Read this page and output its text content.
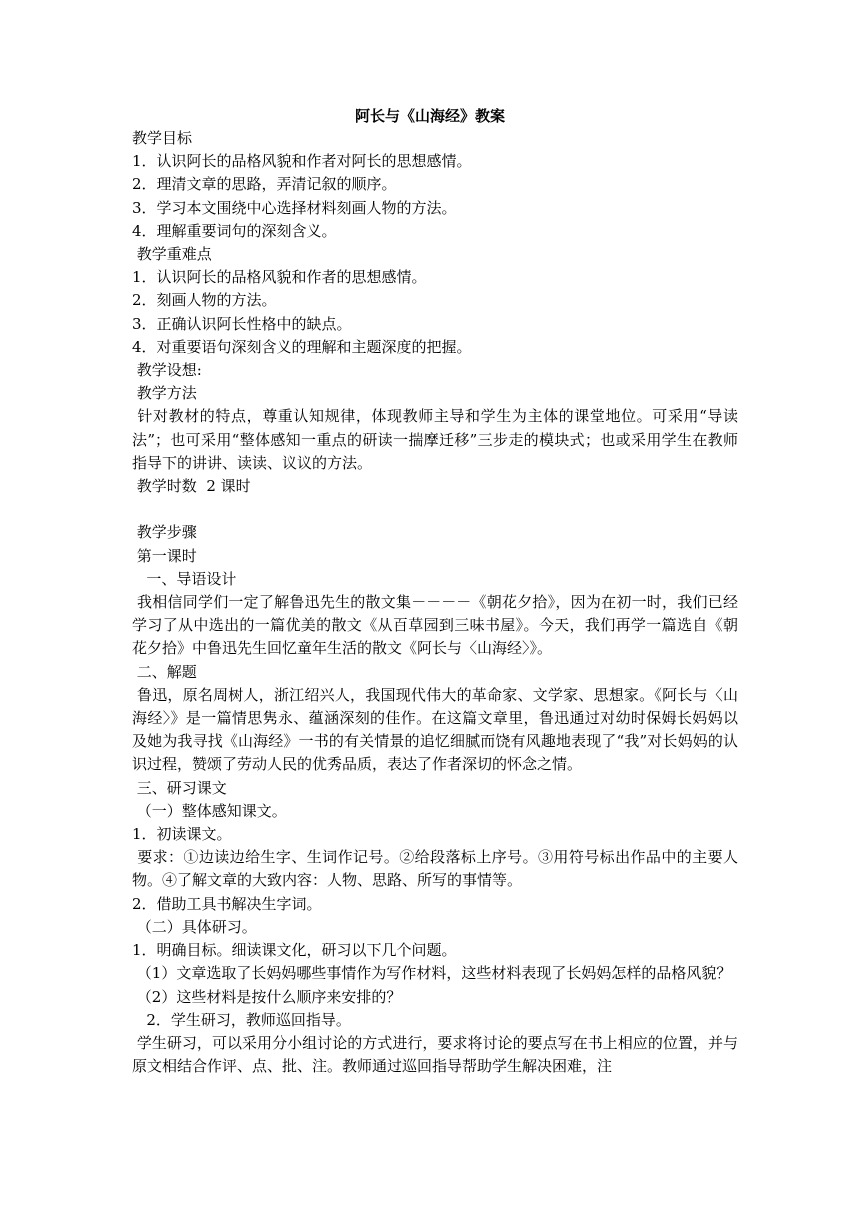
阿长与《山海经》教案

教学目标

1．认识阿长的品格风貌和作者对阿长的思想感情。

2．理清文章的思路，弄清记叙的顺序。

3．学习本文围绕中心选择材料刻画人物的方法。

4．理解重要词句的深刻含义。

教学重难点

1．认识阿长的品格风貌和作者的思想感情。

2．刻画人物的方法。

3．正确认识阿长性格中的缺点。

4．对重要语句深刻含义的理解和主题深度的把握。

教学设想:

教学方法

针对教材的特点，尊重认知规律，体现教师主导和学生为主体的课堂地位。可采用“导读法”；也可采用“整体感知一重点的研读一揣摩迁移”三步走的模块式；也或采用学生在教师指导下的讲讲、读读、议议的方法。

教学时数  2 课时

教学步骤

第一课时

一、导语设计

我相信同学们一定了解鲁迅先生的散文集－－－－《朝花夕拾》，因为在初一时，我们已经学习了从中选出的一篇优美的散文《从百草园到三味书屋》。今天，我们再学一篇选自《朝花夕拾》中鲁迅先生回忆童年生活的散文《阿长与〈山海经〉》。

二、解题

鲁迅，原名周树人，浙江绍兴人，我国现代伟大的革命家、文学家、思想家。《阿长与〈山海经〉》是一篇情思隽永、蕴涵深刻的佳作。在这篇文章里，鲁迅通过对幼时保姆长妈妈以及她为我寻找《山海经》一书的有关情景的追忆细腻而饶有风趣地表现了“我”对长妈妈的认识过程，赞颂了劳动人民的优秀品质，表达了作者深切的怀念之情。

三、研习课文

（一）整体感知课文。

1．初读课文。

要求：①边读边给生字、生词作记号。②给段落标上序号。③用符号标出作品中的主要人物。④了解文章的大致内容：人物、思路、所写的事情等。

2．借助工具书解决生字词。

（二）具体研习。

1．明确目标。细读课文化，研习以下几个问题。

（1）文章选取了长妈妈哪些事情作为写作材料，这些材料表现了长妈妈怎样的品格风貌？

（2）这些材料是按什么顺序来安排的？

2．学生研习，教师巡回指导。

学生研习，可以采用分小组讨论的方式进行，要求将讨论的要点写在书上相应的位置，并与原文相结合作评、点、批、注。教师通过巡回指导帮助学生解决困难，注
